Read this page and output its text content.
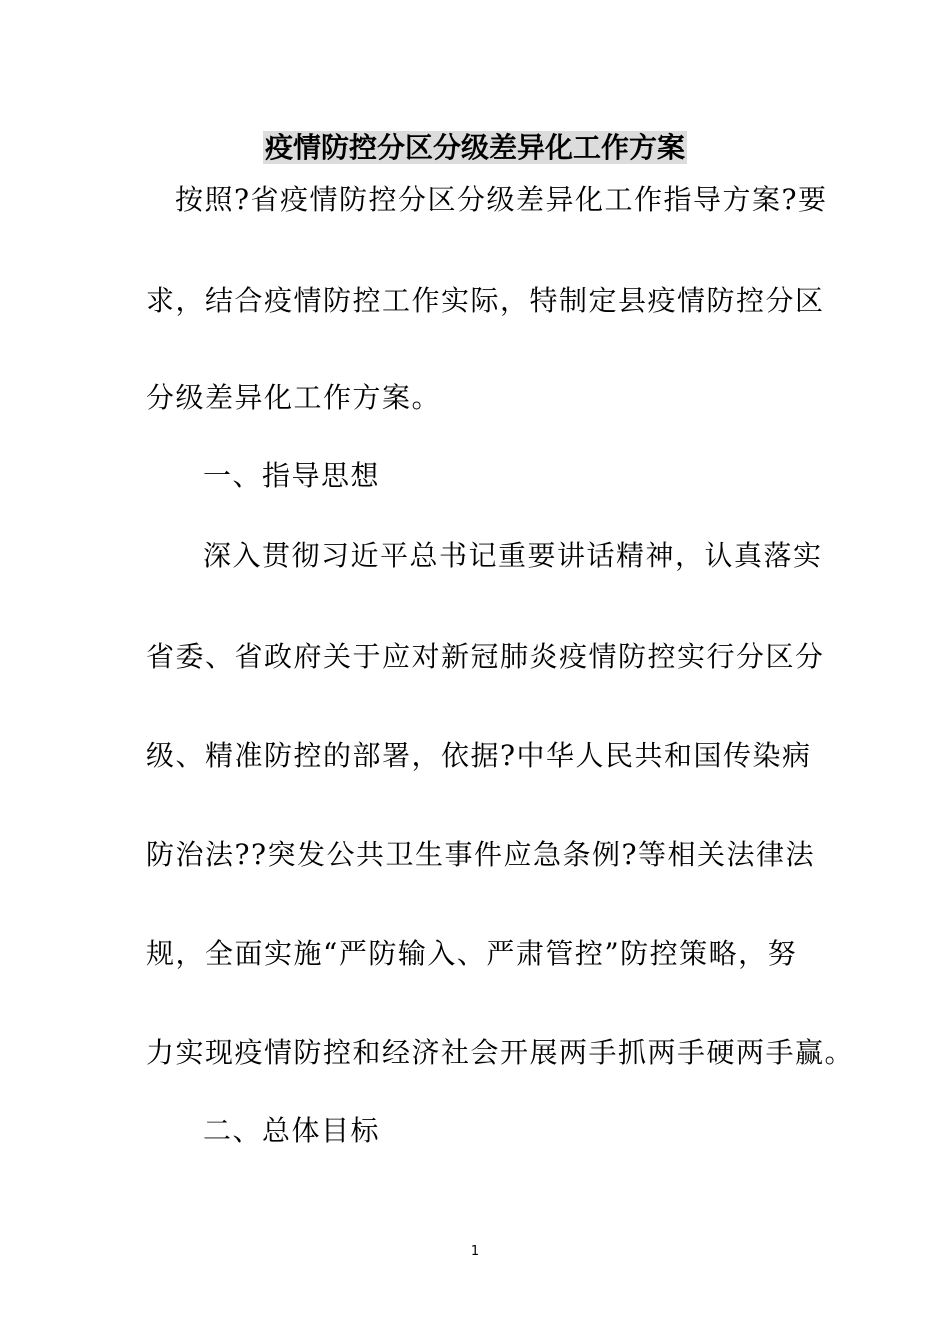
疫情防控分区分级差异化工作方案
按照?省疫情防控分区分级差异化工作指导方案?要
求，结合疫情防控工作实际，特制定县疫情防控分区
分级差异化工作方案。
一、指导思想
深入贯彻习近平总书记重要讲话精神，认真落实
省委、省政府关于应对新冠肺炎疫情防控实行分区分
级、精准防控的部署，依据?中华人民共和国传染病
防治法??突发公共卫生事件应急条例?等相关法律法
规，全面实施“严防输入、严肃管控”防控策略，努
力实现疫情防控和经济社会开展两手抓两手硬两手赢。
二、总体目标
1
